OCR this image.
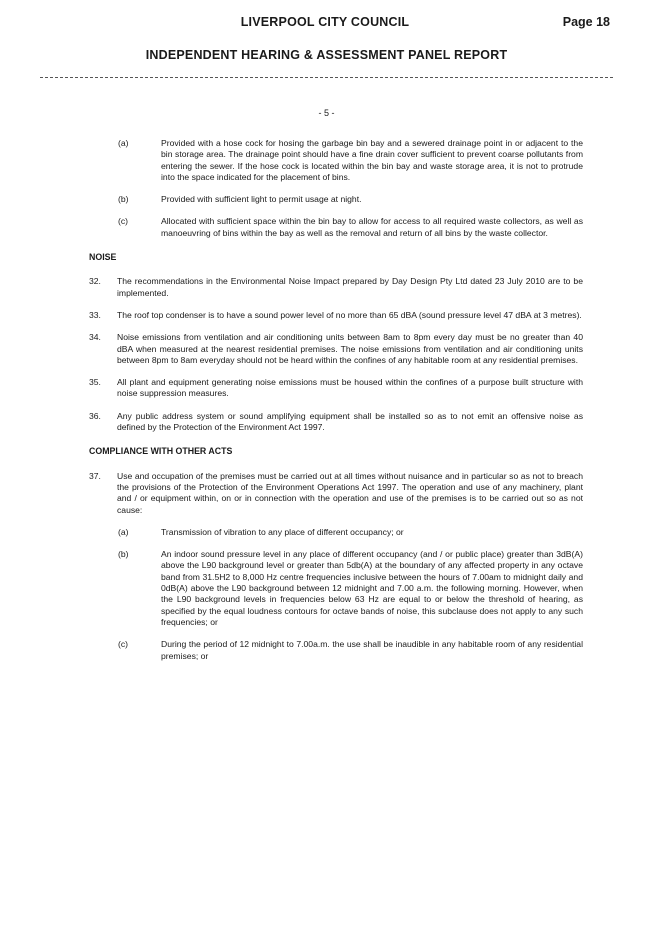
LIVERPOOL CITY COUNCIL	Page 18
INDEPENDENT HEARING & ASSESSMENT PANEL REPORT
- 5 -
(a)	Provided with a hose cock for hosing the garbage bin bay and a sewered drainage point in or adjacent to the bin storage area. The drainage point should have a fine drain cover sufficient to prevent coarse pollutants from entering the sewer. If the hose cock is located within the bin bay and waste storage area, it is not to protrude into the space indicated for the placement of bins.

(b)	Provided with sufficient light to permit usage at night.

(c)	Allocated with sufficient space within the bin bay to allow for access to all required waste collectors, as well as manoeuvring of bins within the bay as well as the removal and return of all bins by the waste collector.

NOISE

32.	The recommendations in the Environmental Noise Impact prepared by Day Design Pty Ltd dated 23 July 2010 are to be implemented.

33.	The roof top condenser is to have a sound power level of no more than 65 dBA (sound pressure level 47 dBA at 3 metres).

34.	Noise emissions from ventilation and air conditioning units between 8am to 8pm every day must be no greater than 40 dBA when measured at the nearest residential premises. The noise emissions from ventilation and air conditioning units between 8pm to 8am everyday should not be heard within the confines of any habitable room at any residential premises.

35.	All plant and equipment generating noise emissions must be housed within the confines of a purpose built structure with noise suppression measures.

36.	Any public address system or sound amplifying equipment shall be installed so as to not emit an offensive noise as defined by the Protection of the Environment Act 1997.

COMPLIANCE WITH OTHER ACTS

37.	Use and occupation of the premises must be carried out at all times without nuisance and in particular so as not to breach the provisions of the Protection of the Environment Operations Act 1997. The operation and use of any machinery, plant and / or equipment within, on or in connection with the operation and use of the premises is to be carried out so as not cause:

(a)	Transmission of vibration to any place of different occupancy; or

(b)	An indoor sound pressure level in any place of different occupancy (and / or public place) greater than 3dB(A) above the L90 background level or greater than 5db(A) at the boundary of any affected property in any octave band from 31.5H2 to 8,000 Hz centre frequencies inclusive between the hours of 7.00am to midnight daily and 0dB(A) above the L90 background between 12 midnight and 7.00 a.m. the following morning. However, when the L90 background levels in frequencies below 63 Hz are equal to or below the threshold of hearing, as specified by the equal loudness contours for octave bands of noise, this subclause does not apply to any such frequencies; or

(c)	During the period of 12 midnight to 7.00a.m. the use shall be inaudible in any habitable room of any residential premises; or
